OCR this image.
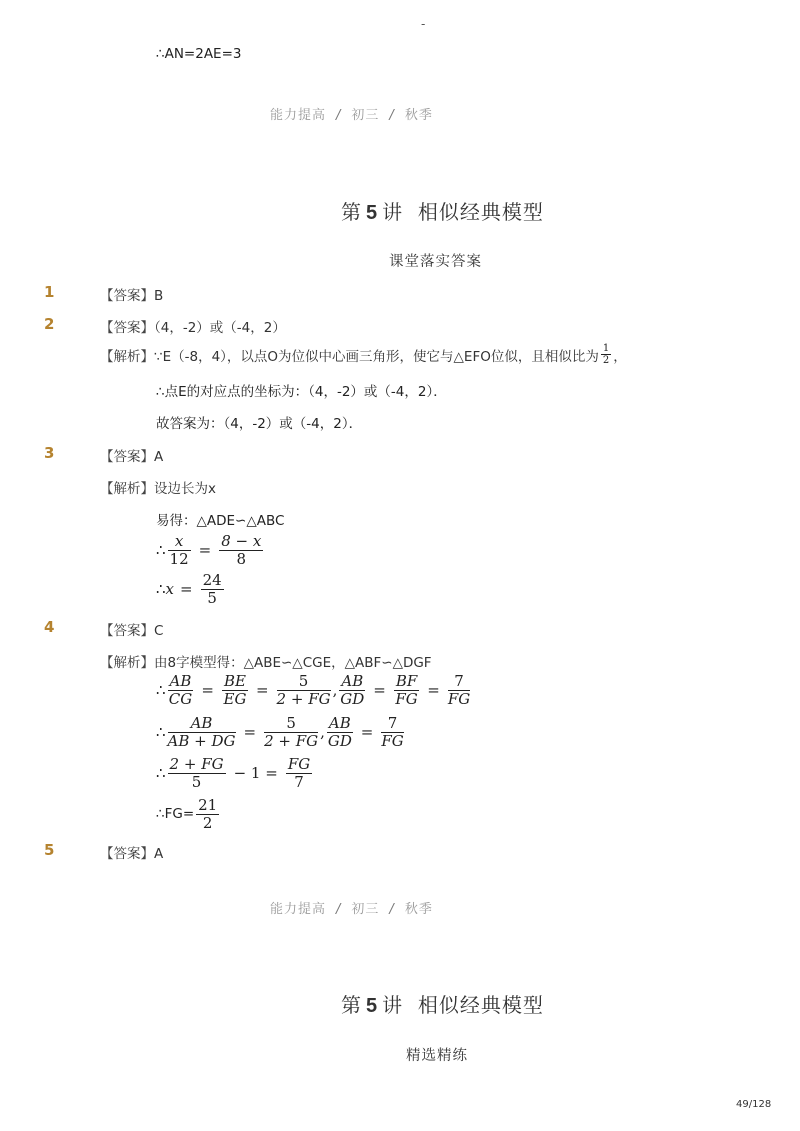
-
∴AN=2AE=3
能力提高 / 初三 / 秋季
第 5 讲 相似经典模型
课堂落实答案
1	【答案】B
2	【答案】（4，-2）或（-4，2）
【 解析 】 ∵E（-8，4），以点O为位似中心画三角形，使它与△EFO位似，且相似比为 $\frac{1}{2}$ ，
∴点E的对应点的坐标为：（4，-2）或（-4，2）．
故答案为：（4，-2）或（-4，2）．
3	【答案】A
【解析】设边长为x
易得：△ADE∽△ABC
∴ $\frac{x}{12} = \frac{8 - x}{8}$
∴ $x = \frac{24}{5}$
4	【答案】C
【解析】由8字模型得：△ABE∽△CGE，△ABF∽△DGF
∴ $\frac{AB}{CG} = \frac{BE}{EG} = \frac{5}{2 + FG}$ , $\frac{AB}{GD} = \frac{BF}{FG} = \frac{7}{FG}$
∴ $\frac{AB}{AB + DG} = \frac{5}{2 + FG}$ , $\frac{AB}{GD} = \frac{7}{FG}$
∴ $\frac{2 + FG}{5} - 1 = \frac{FG}{7}$
∴FG= $\frac{21}{2}$
5	【答案】A
能力提高 / 初三 / 秋季
第 5 讲 相似经典模型
精选精练
49/128
